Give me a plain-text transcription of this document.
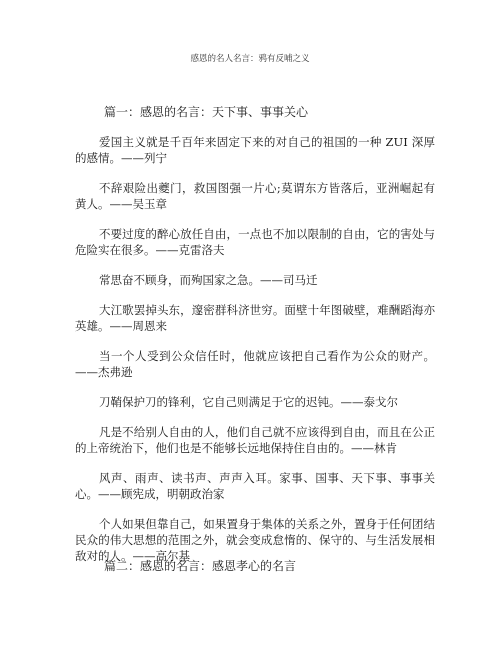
感恩的名人名言：鸦有反哺之义
篇一：感恩的名言：天下事、事事关心

爱国主义就是千百年来固定下来的对自己的祖国的一种 ZUI 深厚的感情。——列宁

不辞艰险出夔门，救国图强一片心;莫谓东方皆落后，亚洲崛起有黄人。——吴玉章

不要过度的醉心放任自由，一点也不加以限制的自由，它的害处与危险实在很多。——克雷洛夫

常思奋不顾身，而殉国家之急。——司马迁

大江歌罢掉头东，邃密群科济世穷。面壁十年图破壁，难酬蹈海亦英雄。——周恩来

当一个人受到公众信任时，他就应该把自己看作为公众的财产。——杰弗逊

刀鞘保护刀的锋利，它自己则满足于它的迟钝。——泰戈尔

凡是不给别人自由的人，他们自己就不应该得到自由，而且在公正的上帝统治下，他们也是不能够长远地保持住自由的。——林肯

风声、雨声、读书声、声声入耳。家事、国事、天下事、事事关心。——顾宪成，明朝政治家

个人如果但靠自己，如果置身于集体的关系之外，置身于任何团结民众的伟大思想的范围之外，就会变成怠惰的、保守的、与生活发展相敌对的人。——高尔基

篇二：感恩的名言：感恩孝心的名言
